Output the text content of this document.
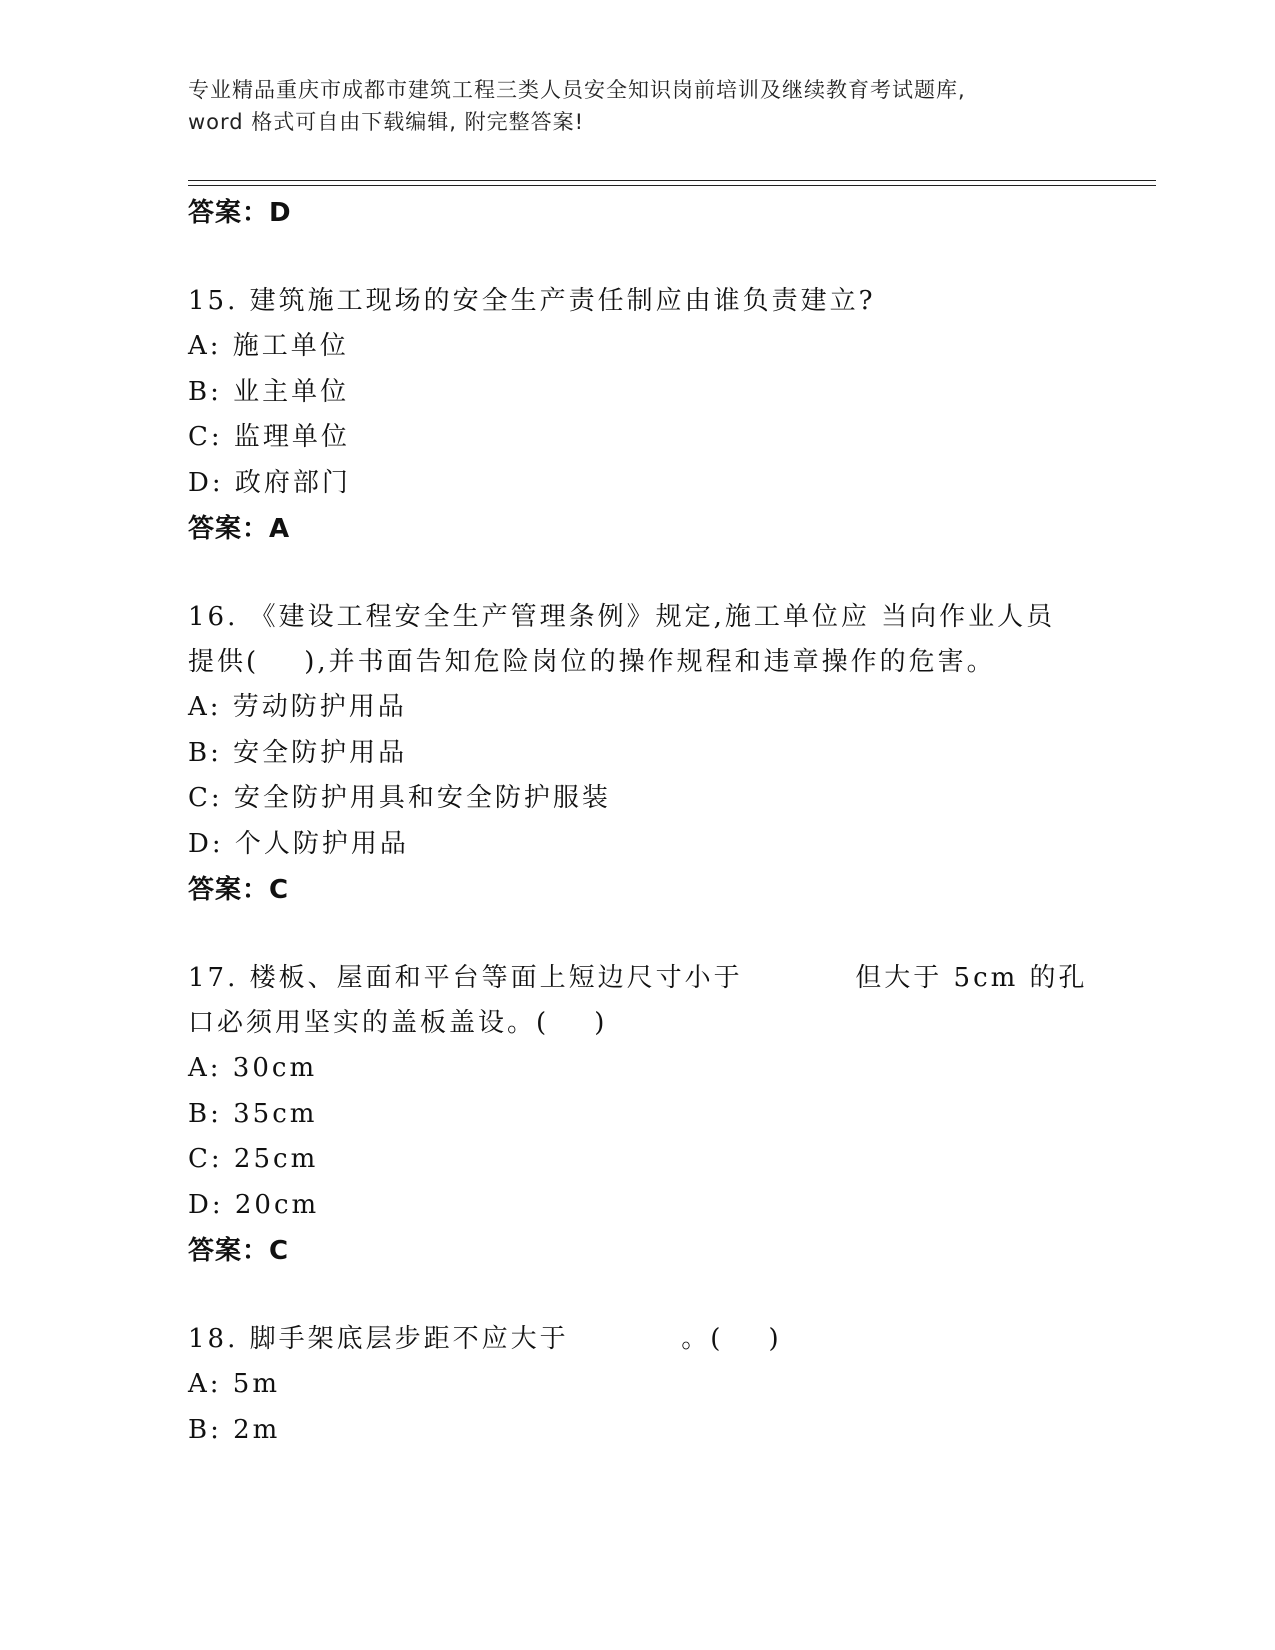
专业精品重庆市成都市建筑工程三类人员安全知识岗前培训及继续教育考试题库,
word 格式可自由下载编辑, 附完整答案!
答案：D
15. 建筑施工现场的安全生产责任制应由谁负责建立?
A: 施工单位
B: 业主单位
C: 监理单位
D: 政府部门
答案：A
16. 《建设工程安全生产管理条例》规定,施工单位应 当向作业人员
提供(    ),并书面告知危险岗位的操作规程和违章操作的危害。
A: 劳动防护用品
B: 安全防护用品
C: 安全防护用具和安全防护服装
D: 个人防护用品
答案：C
17. 楼板、屋面和平台等面上短边尺寸小于          但大于 5cm 的孔
口必须用坚实的盖板盖设。(    )
A: 30cm
B: 35cm
C: 25cm
D: 20cm
答案：C
18. 脚手架底层步距不应大于          。(    )
A: 5m
B: 2m
